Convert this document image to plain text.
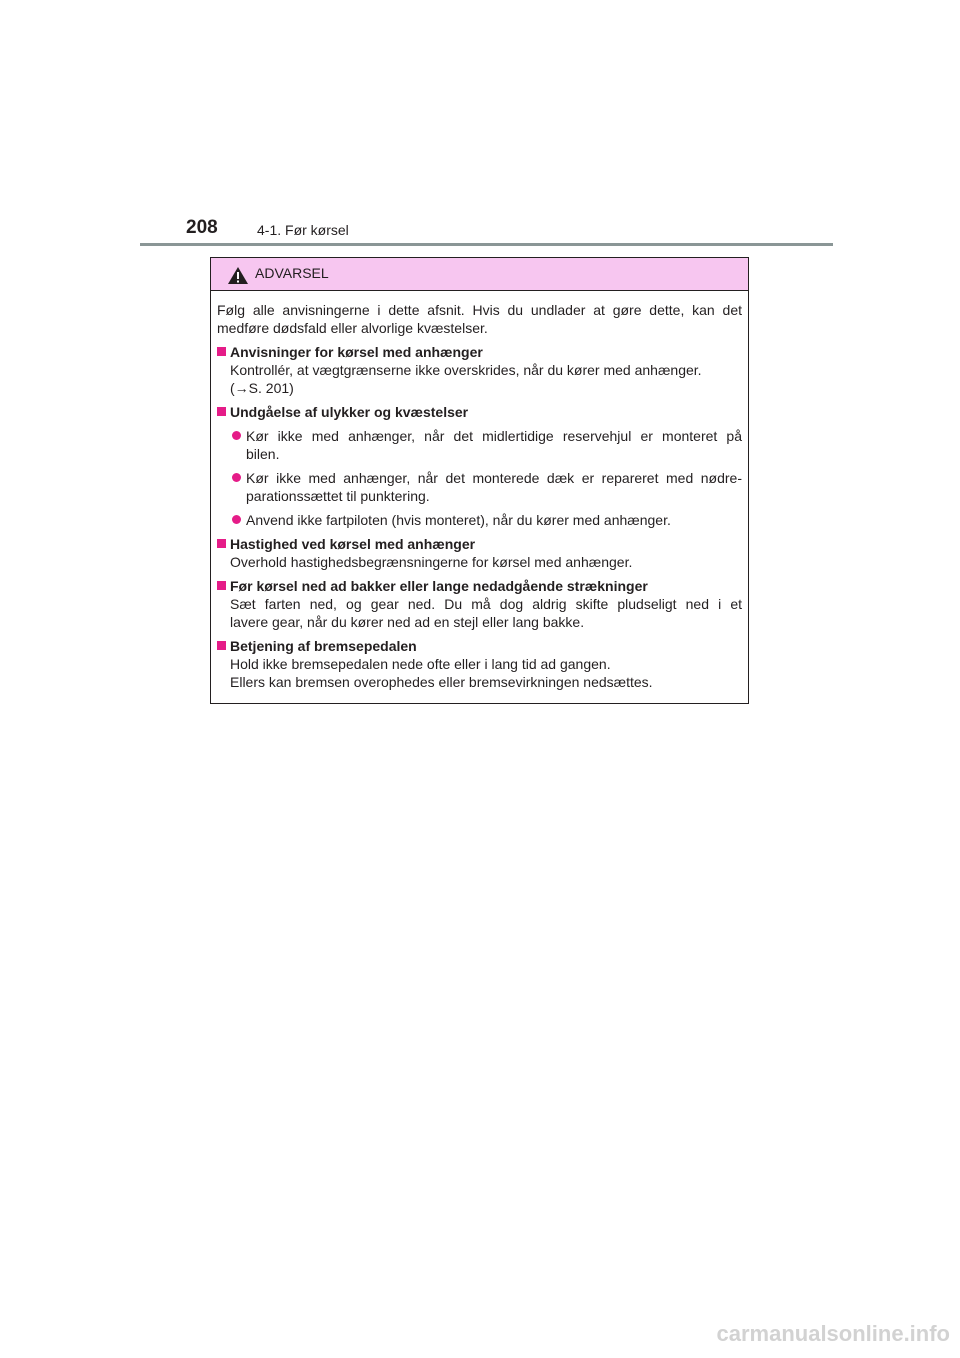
208	4-1. Før kørsel
ADVARSEL

Følg alle anvisningerne i dette afsnit. Hvis du undlader at gøre dette, kan det
medføre dødsfald eller alvorlige kvæstelser.

Anvisninger for kørsel med anhænger
Kontrollér, at vægtgrænserne ikke overskrides, når du kører med anhænger.
(→S. 201)
Undgåelse af ulykker og kvæstelser
Kør ikke med anhænger, når det midlertidige reservehjul er monteret på
bilen.
Kør ikke med anhænger, når det monterede dæk er repareret med nødre-
parationssættet til punktering.
Anvend ikke fartpiloten (hvis monteret), når du kører med anhænger.
Hastighed ved kørsel med anhænger
Overhold hastighedsbegrænsningerne for kørsel med anhænger.
Før kørsel ned ad bakker eller lange nedadgående strækninger
Sæt farten ned, og gear ned. Du må dog aldrig skifte pludseligt ned i et
lavere gear, når du kører ned ad en stejl eller lang bakke.
Betjening af bremsepedalen
Hold ikke bremsepedalen nede ofte eller i lang tid ad gangen.
Ellers kan bremsen overophedes eller bremsevirkningen nedsættes.
carmanualsonline.info
